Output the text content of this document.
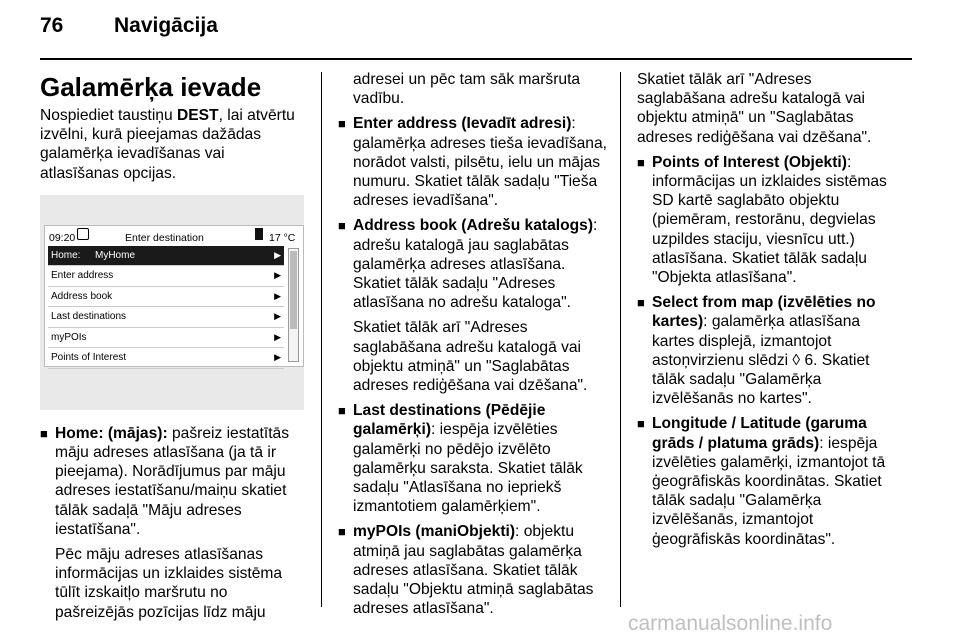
76 Navigācija
Galamērķa ievade

Nospiediet taustiņu DEST, lai atvērtu izvēlni, kurā pieejamas dažādas galamērķa ievadīšanas vai atlasīšanas opcijas.

09:20	Enter destination	17 °C
Home: MyHome	▶
Enter address	▶
Address book	▶
Last destinations	▶
myPOIs	▶
Points of Interest	▶
■ Home: (mājas): pašreiz iestatītās māju adreses atlasīšana (ja tā ir pieejama). Norādījumus par māju adreses iestatīšanu/maiņu skatiet tālāk sadaļā "Māju adreses iestatīšana".

Pēc māju adreses atlasīšanas informācijas un izklaides sistēma tūlīt izskaitļo maršrutu no pašreizējās pozīcijas līdz māju

adresei un pēc tam sāk maršruta vadību.

■ Enter address (Ievadīt adresi): galamērķa adreses tieša ievadīšana, norādot valsti, pilsētu, ielu un mājas numuru. Skatiet tālāk sadaļu "Tieša adreses ievadīšana".
■ Address book (Adrešu katalogs): adrešu katalogā jau saglabātas galamērķa adreses atlasīšana. Skatiet tālāk sadaļu "Adreses atlasīšana no adrešu kataloga".

Skatiet tālāk arī "Adreses saglabāšana adrešu katalogā vai objektu atmiņā" un "Saglabātas adreses rediģēšana vai dzēšana".

■ Last destinations (Pēdējie galamērķi): iespēja izvēlēties galamērķi no pēdējo izvēlēto galamērķu saraksta. Skatiet tālāk sadaļu "Atlasīšana no iepriekš izmantotiem galamērķiem".
■ myPOIs (maniObjekti): objektu atmiņā jau saglabātas galamērķa adreses atlasīšana. Skatiet tālāk sadaļu "Objektu atmiņā saglabātas adreses atlasīšana".

Skatiet tālāk arī "Adreses saglabāšana adrešu katalogā vai objektu atmiņā" un "Saglabātas adreses rediģēšana vai dzēšana".

■ Points of Interest (Objekti): informācijas un izklaides sistēmas SD kartē saglabāto objektu (piemēram, restorānu, degvielas uzpildes staciju, viesnīcu utt.) atlasīšana. Skatiet tālāk sadaļu "Objekta atlasīšana".
■ Select from map (izvēlēties no kartes): galamērķa atlasīšana kartes displejā, izmantojot astoņvirzienu slēdzi ◊ 6. Skatiet tālāk sadaļu "Galamērķa izvēlēšanās no kartes".
■ Longitude / Latitude (garuma grāds / platuma grāds): iespēja izvēlēties galamērķi, izmantojot tā ģeogrāfiskās koordinātas. Skatiet tālāk sadaļu "Galamērķa izvēlēšanās, izmantojot ģeogrāfiskās koordinātas".
carmanualsonline.info
